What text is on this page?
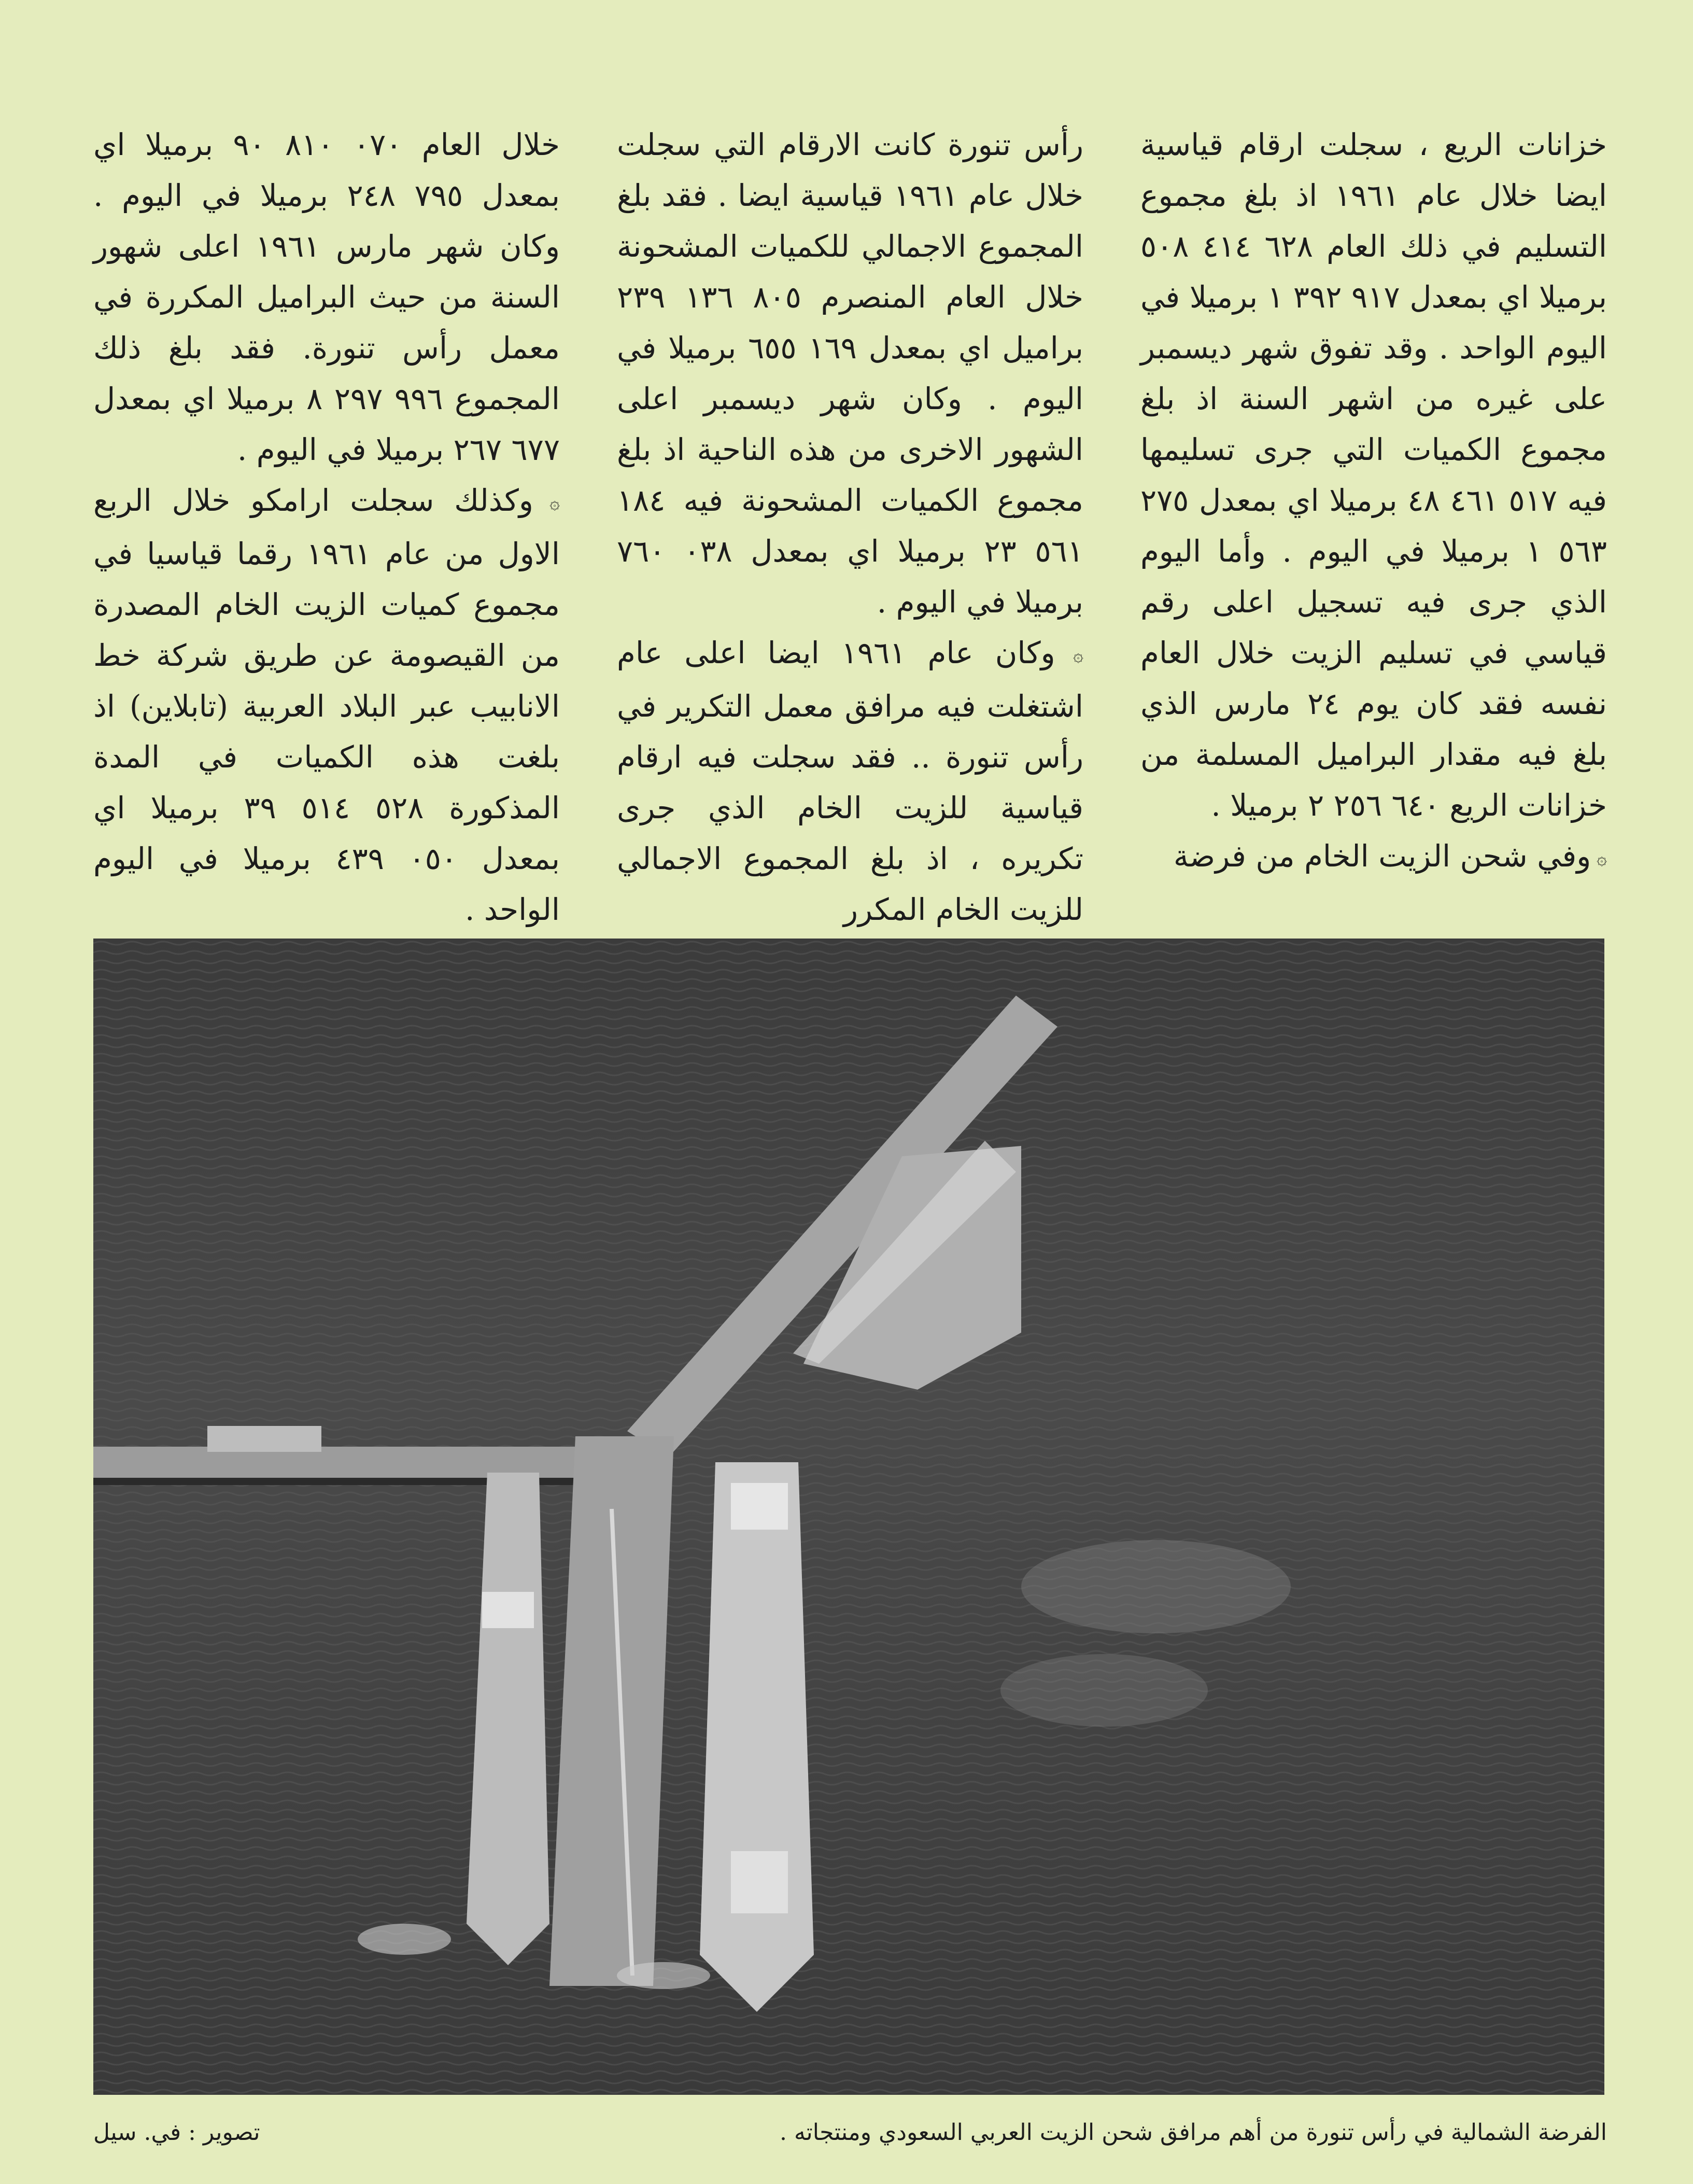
خزانات الريع ، سجلت ارقام قياسية ايضا خلال عام ١٩٦١ اذ بلغ مجموع التسليم في ذلك العام ٦٢٨ ٤١٤ ٥٠٨ برميلا اي بمعدل ٩١٧ ٣٩٢ ١ برميلا في اليوم الواحد . وقد تفوق شهر ديسمبر على غيره من اشهر السنة اذ بلغ مجموع الكميات التي جرى تسليمها فيه ٥١٧ ٤٦١ ٤٨ برميلا اي بمعدل ٢٧٥ ٥٦٣ ١ برميلا في اليوم . وأما اليوم الذي جرى فيه تسجيل اعلى رقم قياسي في تسليم الزيت خلال العام نفسه فقد كان يوم ٢٤ مارس الذي بلغ فيه مقدار البراميل المسلمة من خزانات الريع ٦٤٠ ٢٥٦ ٢ برميلا .

۞ وفي شحن الزيت الخام من فرضة

رأس تنورة كانت الارقام التي سجلت خلال عام ١٩٦١ قياسية ايضا . فقد بلغ المجموع الاجمالي للكميات المشحونة خلال العام المنصرم ٨٠٥ ١٣٦ ٢٣٩ براميل اي بمعدل ١٦٩ ٦٥٥ برميلا في اليوم . وكان شهر ديسمبر اعلى الشهور الاخرى من هذه الناحية اذ بلغ مجموع الكميات المشحونة فيه ١٨٤ ٥٦١ ٢٣ برميلا اي بمعدل ٠٣٨ ٧٦٠ برميلا في اليوم .

۞ وكان عام ١٩٦١ ايضا اعلى عام اشتغلت فيه مرافق معمل التكرير في رأس تنورة .. فقد سجلت فيه ارقام قياسية للزيت الخام الذي جرى تكريره ، اذ بلغ المجموع الاجمالي للزيت الخام المكرر

خلال العام ٠٧٠ ٨١٠ ٩٠ برميلا اي بمعدل ٧٩٥ ٢٤٨ برميلا في اليوم . وكان شهر مارس ١٩٦١ اعلى شهور السنة من حيث البراميل المكررة في معمل رأس تنورة. فقد بلغ ذلك المجموع ٩٩٦ ٢٩٧ ٨ برميلا اي بمعدل ٦٧٧ ٢٦٧ برميلا في اليوم .

۞ وكذلك سجلت ارامكو خلال الربع الاول من عام ١٩٦١ رقما قياسيا في مجموع كميات الزيت الخام المصدرة من القيصومة عن طريق شركة خط الانابيب عبر البلاد العربية (تابلاين) اذ بلغت هذه الكميات في المدة المذكورة ٥٢٨ ٥١٤ ٣٩ برميلا اي بمعدل ٠٥٠ ٤٣٩ برميلا في اليوم الواحد .

الفرضة الشمالية في رأس تنورة من أهم مرافق شحن الزيت العربي السعودي ومنتجاته .
تصوير : في. سيل
